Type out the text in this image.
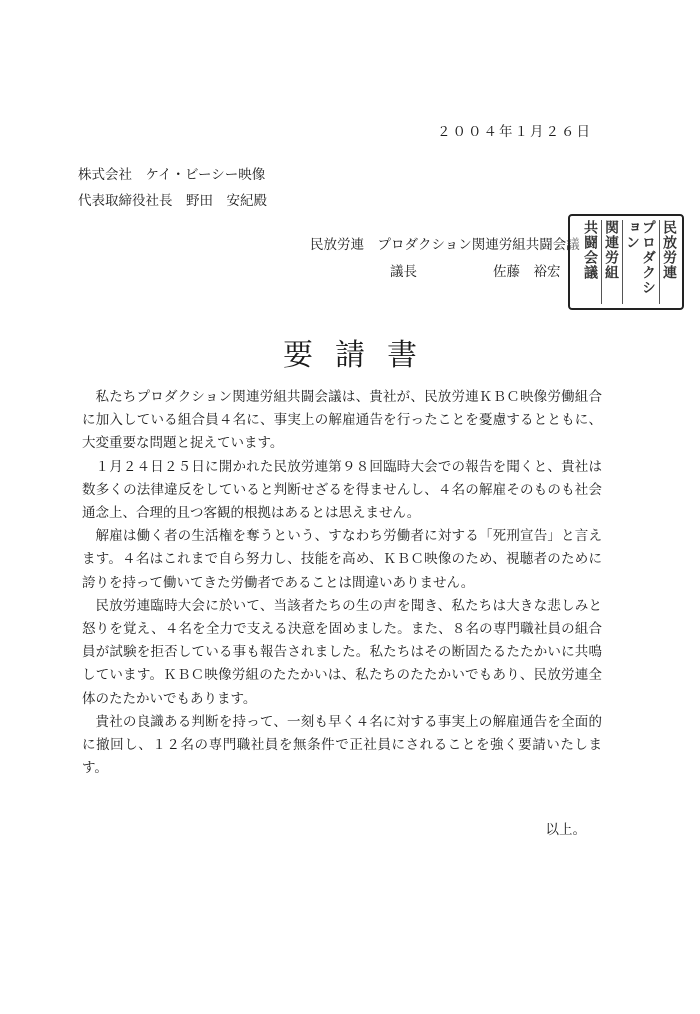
２００４年１月２６日
株式会社　ケイ・ビーシー映像
代表取締役社長　野田　安紀殿
民放労連　プロダクション関連労組共闘会議
議長	佐藤　裕宏	民放労連
プロダクション
関連労組
共闘会議
要請書

私たちプロダクション関連労組共闘会議は、貴社が、民放労連ＫＢＣ映像労働組合に加入している組合員４名に、事実上の解雇通告を行ったことを憂慮するとともに、大変重要な問題と捉えています。

１月２４日２５日に開かれた民放労連第９８回臨時大会での報告を聞くと、貴社は数多くの法律違反をしていると判断せざるを得ませんし、４名の解雇そのものも社会通念上、合理的且つ客観的根拠はあるとは思えません。

解雇は働く者の生活権を奪うという、すなわち労働者に対する「死刑宣告」と言えます。４名はこれまで自ら努力し、技能を高め、ＫＢＣ映像のため、視聴者のために誇りを持って働いてきた労働者であることは間違いありません。

民放労連臨時大会に於いて、当該者たちの生の声を聞き、私たちは大きな悲しみと怒りを覚え、４名を全力で支える決意を固めました。また、８名の専門職社員の組合員が試験を拒否している事も報告されました。私たちはその断固たるたたかいに共鳴しています。ＫＢＣ映像労組のたたかいは、私たちのたたかいでもあり、民放労連全体のたたかいでもあります。

貴社の良識ある判断を持って、一刻も早く４名に対する事実上の解雇通告を全面的に撤回し、１２名の専門職社員を無条件で正社員にされることを強く要請いたします。

以上。
